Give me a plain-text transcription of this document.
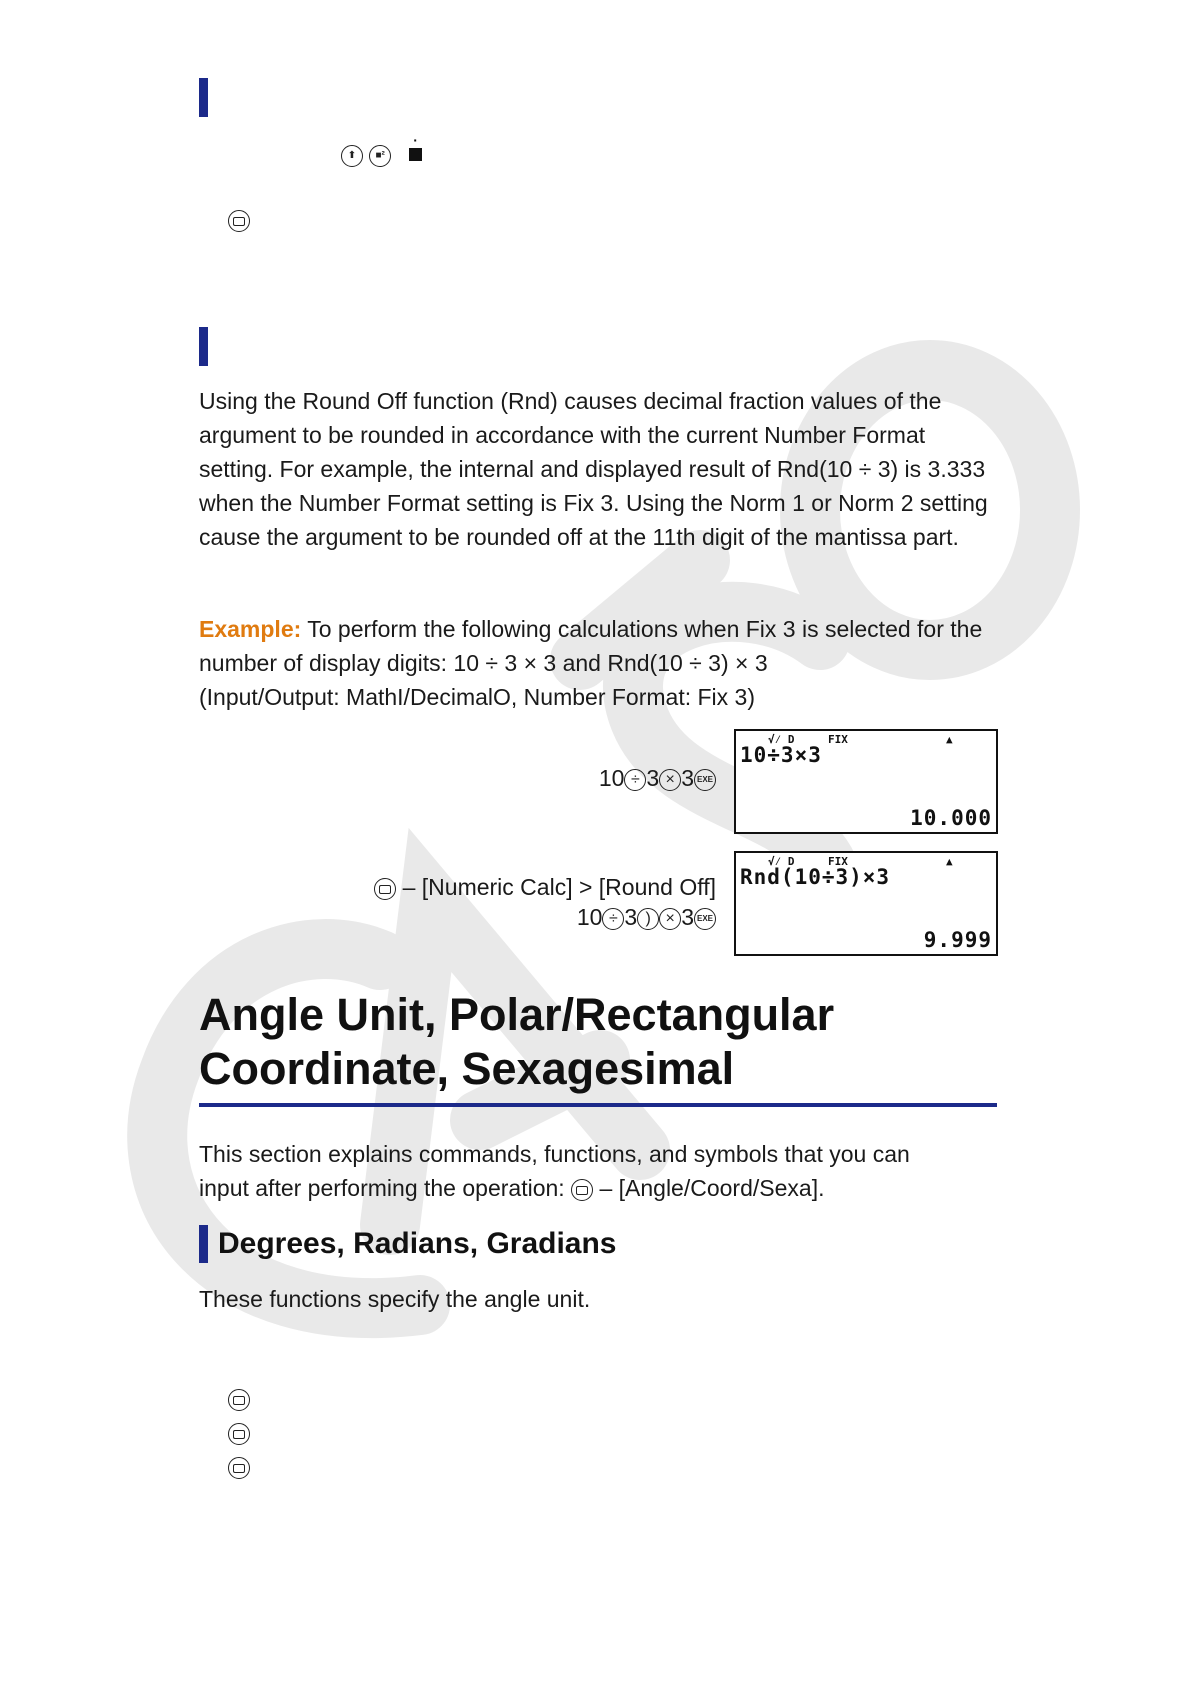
⬆ ■²
·
Using the Round Off function (Rnd) causes decimal fraction values of the argument to be rounded in accordance with the current Number Format setting. For example, the internal and displayed result of Rnd(10 ÷ 3) is 3.333 when the Number Format setting is Fix 3. Using the Norm 1 or Norm 2 setting cause the argument to be rounded off at the 11th digit of the mantissa part.
Example: To perform the following calculations when Fix 3 is selected for the number of display digits: 10 ÷ 3 × 3 and Rnd(10 ÷ 3) × 3
(Input/Output: MathI/DecimalO, Number Format: Fix 3)
10 ÷ 3 × 3 EXE
√⁄ D	FIX	▲
10÷3×3
10.000
– [Numeric Calc] > [Round Off]
10 ÷ 3 ) × 3 EXE
√⁄ D	FIX	▲
Rnd(10÷3)×3
9.999
Angle Unit, Polar/Rectangular
Coordinate, Sexagesimal
This section explains commands, functions, and symbols that you can
input after performing the operation: – [Angle/Coord/Sexa].
Degrees, Radians, Gradians
These functions specify the angle unit.
